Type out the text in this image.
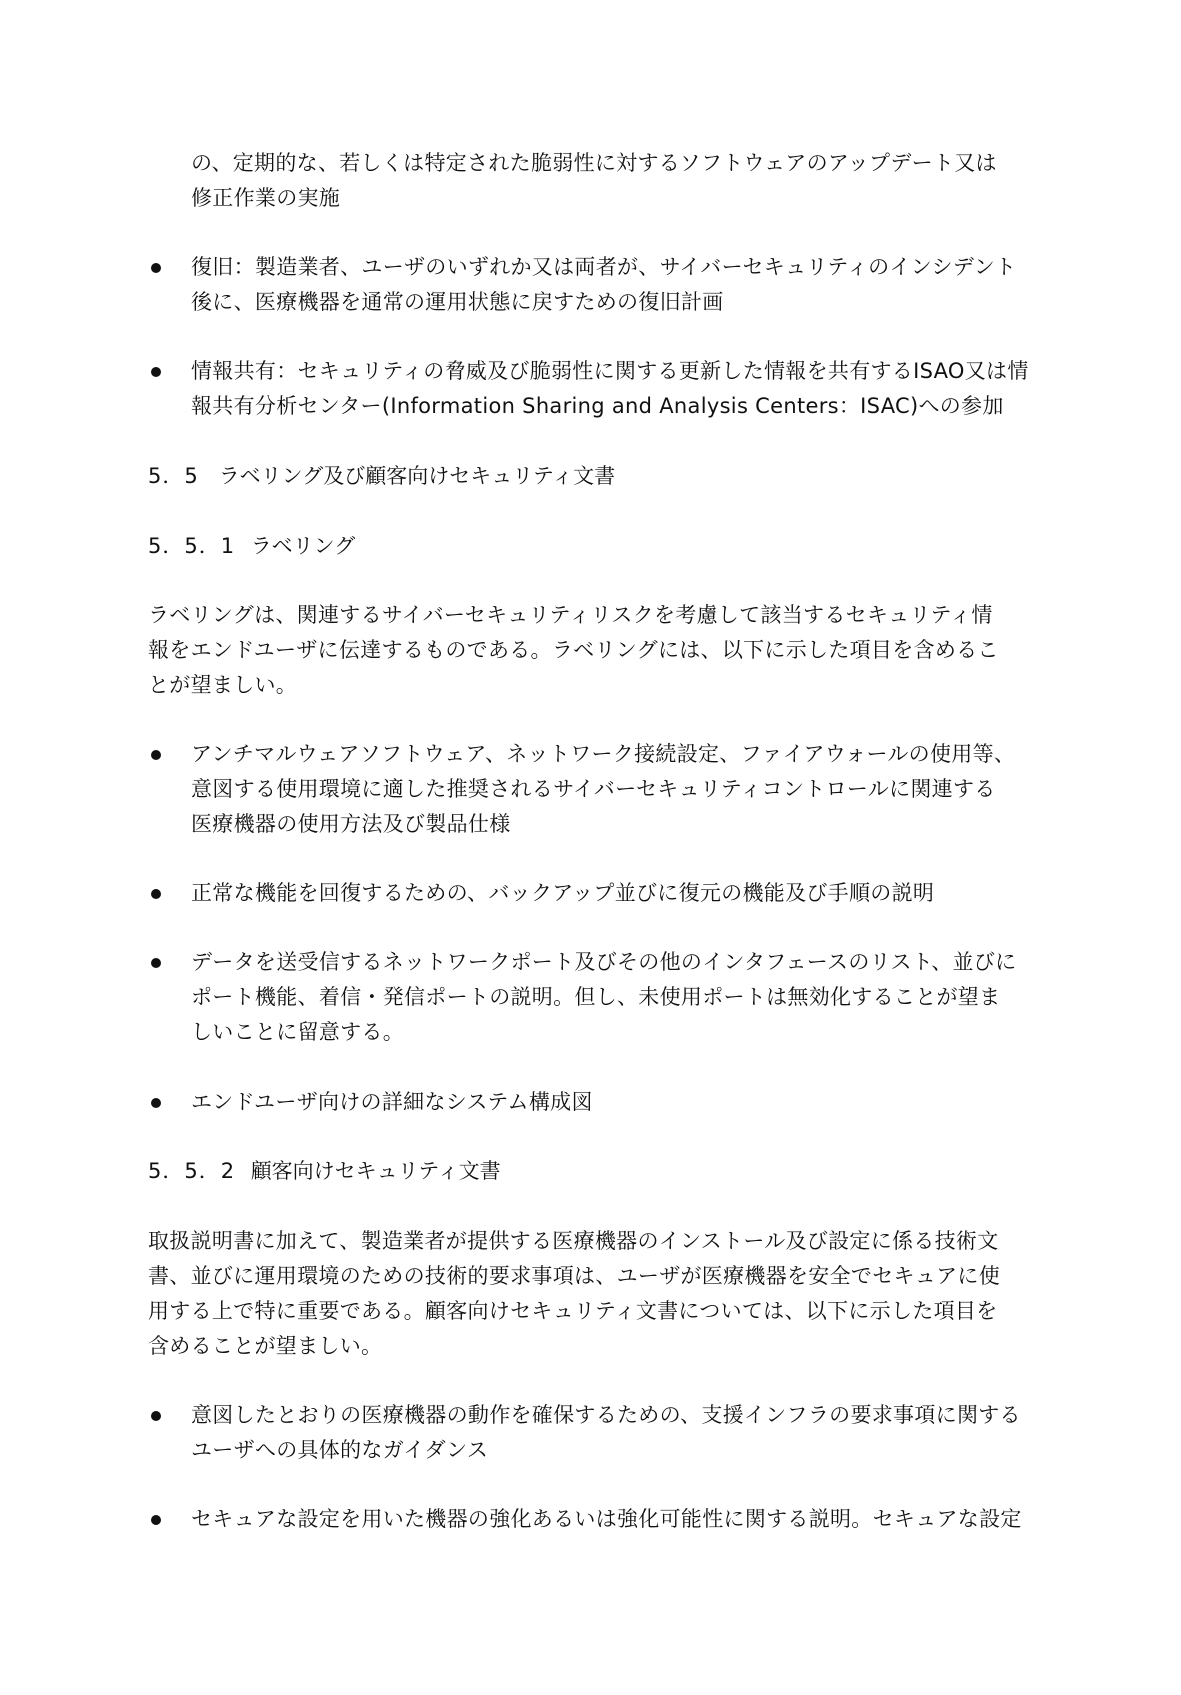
の、定期的な、若しくは特定された脆弱性に対するソフトウェアのアップデート又は
修正作業の実施
復旧：製造業者、ユーザのいずれか又は両者が、サイバーセキュリティのインシデント
後に、医療機器を通常の運用状態に戻すための復旧計画
情報共有：セキュリティの脅威及び脆弱性に関する更新した情報を共有するISAO又は情
報共有分析センター(Information Sharing and Analysis Centers：ISAC)への参加
5．5 ラベリング及び顧客向けセキュリティ文書
5．5．1 ラベリング
ラベリングは、関連するサイバーセキュリティリスクを考慮して該当するセキュリティ情
報をエンドユーザに伝達するものである。ラベリングには、以下に示した項目を含めるこ
とが望ましい。
アンチマルウェアソフトウェア、ネットワーク接続設定、ファイアウォールの使用等、
意図する使用環境に適した推奨されるサイバーセキュリティコントロールに関連する
医療機器の使用方法及び製品仕様
正常な機能を回復するための、バックアップ並びに復元の機能及び手順の説明
データを送受信するネットワークポート及びその他のインタフェースのリスト、並びに
ポート機能、着信・発信ポートの説明。但し、未使用ポートは無効化することが望ま
しいことに留意する。
エンドユーザ向けの詳細なシステム構成図
5．5．2 顧客向けセキュリティ文書
取扱説明書に加えて、製造業者が提供する医療機器のインストール及び設定に係る技術文
書、並びに運用環境のための技術的要求事項は、ユーザが医療機器を安全でセキュアに使
用する上で特に重要である。顧客向けセキュリティ文書については、以下に示した項目を
含めることが望ましい。
意図したとおりの医療機器の動作を確保するための、支援インフラの要求事項に関する
ユーザへの具体的なガイダンス
セキュアな設定を用いた機器の強化あるいは強化可能性に関する説明。セキュアな設定
